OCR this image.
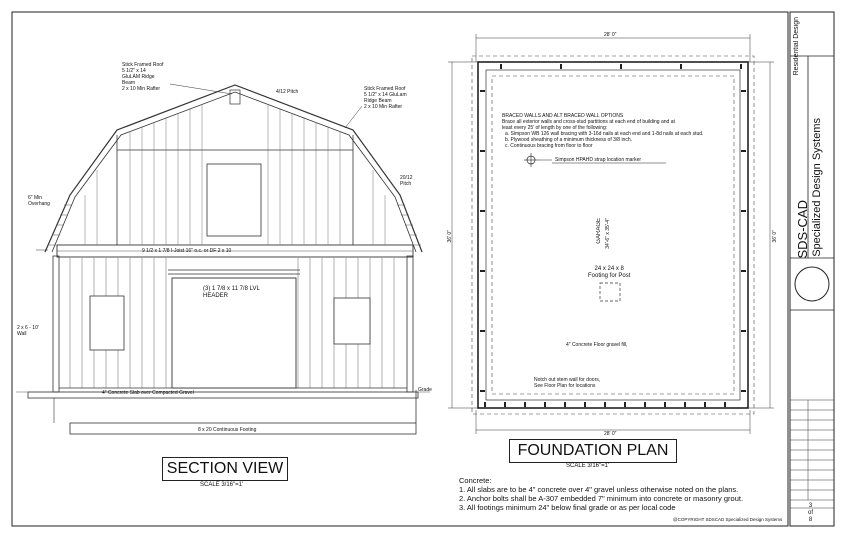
Stick Framed Roof
5 1/2" x 14
GluLAM Ridge
Beam
2 x 10 Min Rafter	4/12 Pitch	Stick Framed Roof
5 1/2" x 14 GluLam
Ridge Beam
2 x 10 Min Rafter
20/12
Pitch
6" Min
Overhang
9 1/2 x 1 7/8 I-Joist 16" o.c. or DF 2 x 10
(3) 1 7/8 x 11 7/8 LVL
HEADER
2 x 6 - 10'
Wall
Grade
4" Concrete Slab over Compacted Gravel
8 x 20 Continuous Footing
SECTION VIEW
SCALE 3/16"=1'
28' 0"
28' 0"
36' 0"	36' 0"
BRACED WALLS AND ALT BRACED WALL OPTIONS
Brace all exterior walls and cross-stud partitions at each end of building and at
least every 25' of length by one of the following:
a. Simpson WB 126 wall bracing with 3-16d nails at each end and 1-8d nails at each stud.
b. Plywood sheathing of a minimum thickness of 3/8 inch.
c. Continuous bracing from floor to floor
Simpson HPAHD strap location marker
GARAGE 34'-6" x 35'-4"
24 x 24 x 8
Footing for Post
4" Concrete Floor gravel fill,
Notch out stem wall for doors,
See Floor Plan for locations
FOUNDATION PLAN
SCALE 3/16"=1'
Concrete:
1. All slabs are to be 4" concrete over 4" gravel unless otherwise noted on the plans.
2. Anchor bolts shall be A-307 embedded 7" minimum into concrete or masonry grout.
3. All footings minimum 24" below final grade or as per local code
@COPYRIGHT SDSCAD Specialized Design Systems
Residential Design
SDS-CAD Specialized Design Systems
3
of
8
